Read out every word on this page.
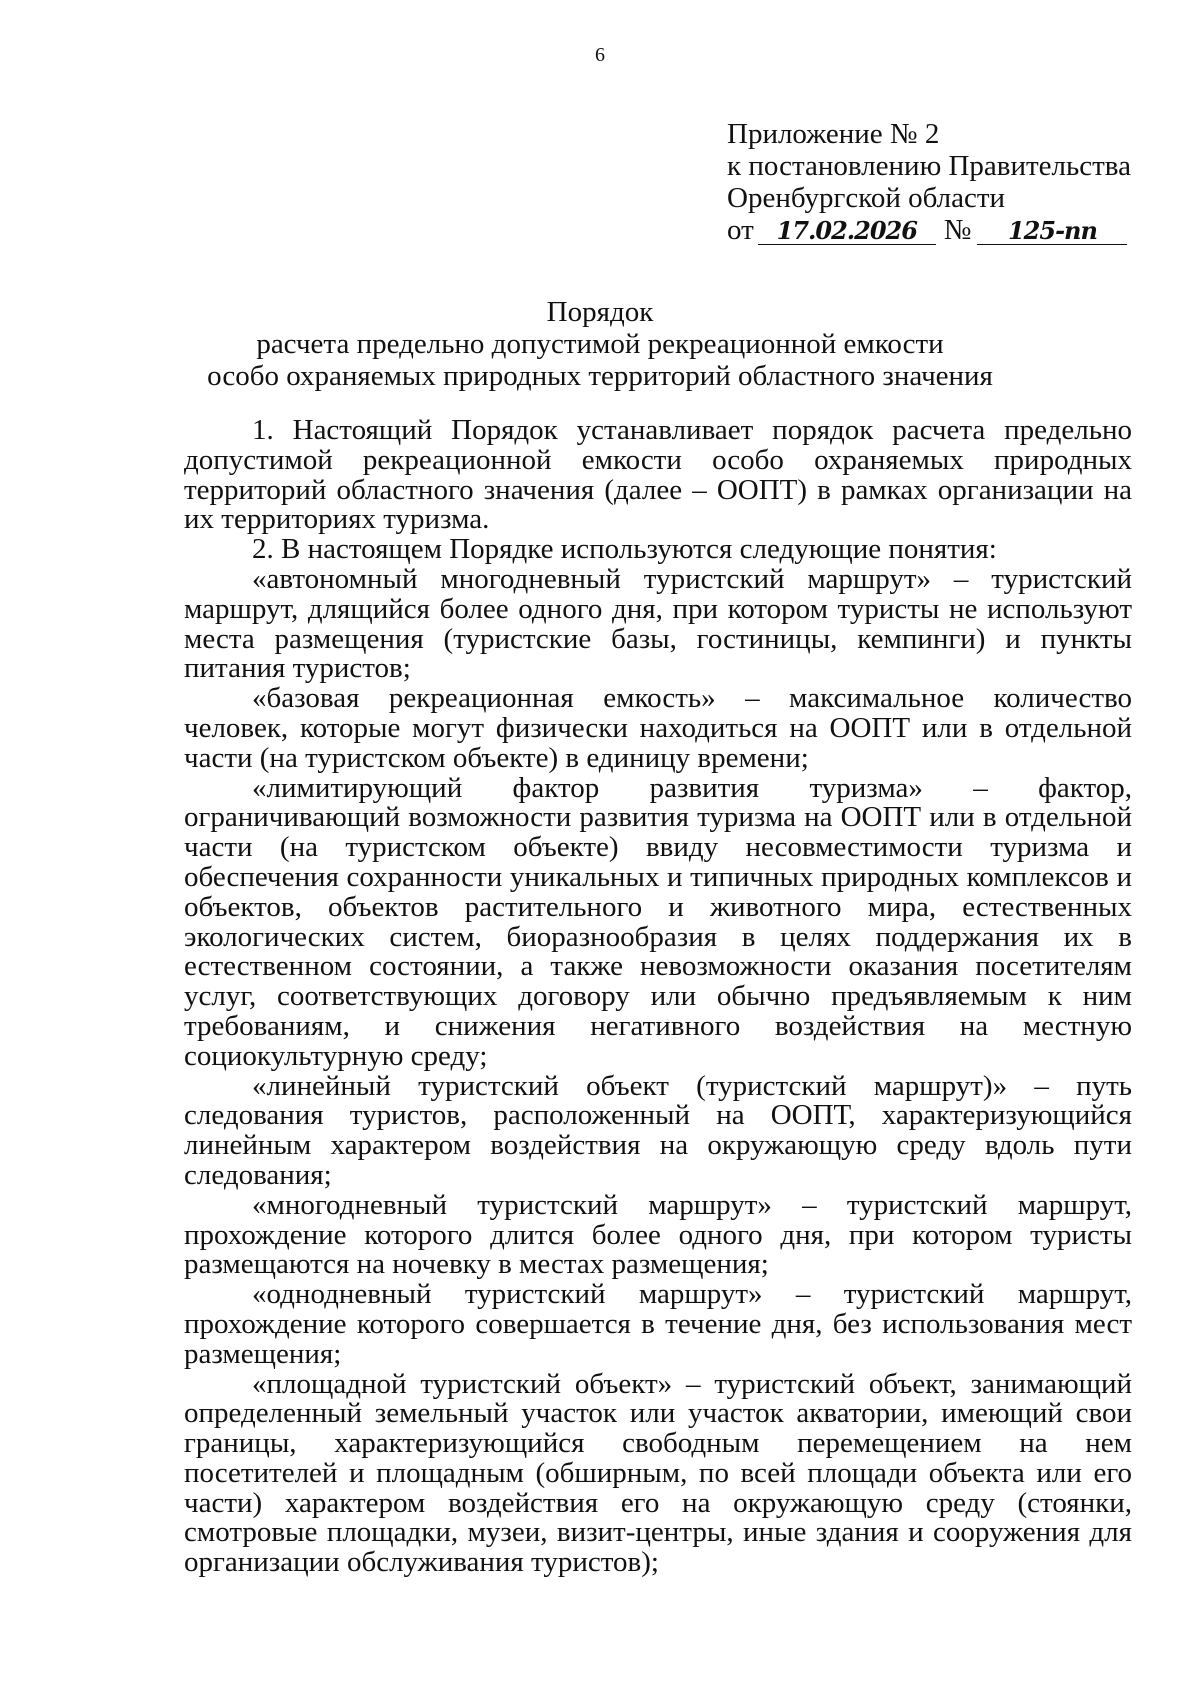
6
Приложение № 2
к постановлению Правительства
Оренбургской области
от 17.02.2026 № 125-пп
Порядок
расчета предельно допустимой рекреационной емкости
особо охраняемых природных территорий областного значения

1. Настоящий Порядок устанавливает порядок расчета предельно допустимой рекреационной емкости особо охраняемых природных территорий областного значения (далее – ООПТ) в рамках организации на их территориях туризма.

2. В настоящем Порядке используются следующие понятия:

«автономный многодневный туристский маршрут» – туристский маршрут, длящийся более одного дня, при котором туристы не используют места размещения (туристские базы, гостиницы, кемпинги) и пункты питания туристов;

«базовая рекреационная емкость» – максимальное количество человек, которые могут физически находиться на ООПТ или в отдельной части (на туристском объекте) в единицу времени;

«лимитирующий фактор развития туризма» – фактор, ограничивающий возможности развития туризма на ООПТ или в отдельной части (на туристском объекте) ввиду несовместимости туризма и обеспечения сохранности уникальных и типичных природных комплексов и объектов, объектов растительного и животного мира, естественных экологических систем, биоразнообразия в целях поддержания их в естественном состоянии, а также невозможности оказания посетителям услуг, соответствующих договору или обычно предъявляемым к ним требованиям, и снижения негативного воздействия на местную социокультурную среду;

«линейный туристский объект (туристский маршрут)» – путь следования туристов, расположенный на ООПТ, характеризующийся линейным характером воздействия на окружающую среду вдоль пути следования;

«многодневный туристский маршрут» – туристский маршрут, прохождение которого длится более одного дня, при котором туристы размещаются на ночевку в местах размещения;

«однодневный туристский маршрут» – туристский маршрут, прохождение которого совершается в течение дня, без использования мест размещения;

«площадной туристский объект» – туристский объект, занимающий определенный земельный участок или участок акватории, имеющий свои границы, характеризующийся свободным перемещением на нем посетителей и площадным (обширным, по всей площади объекта или его части) характером воздействия его на окружающую среду (стоянки, смотровые площадки, музеи, визит-центры, иные здания и сооружения для организации обслуживания туристов);
